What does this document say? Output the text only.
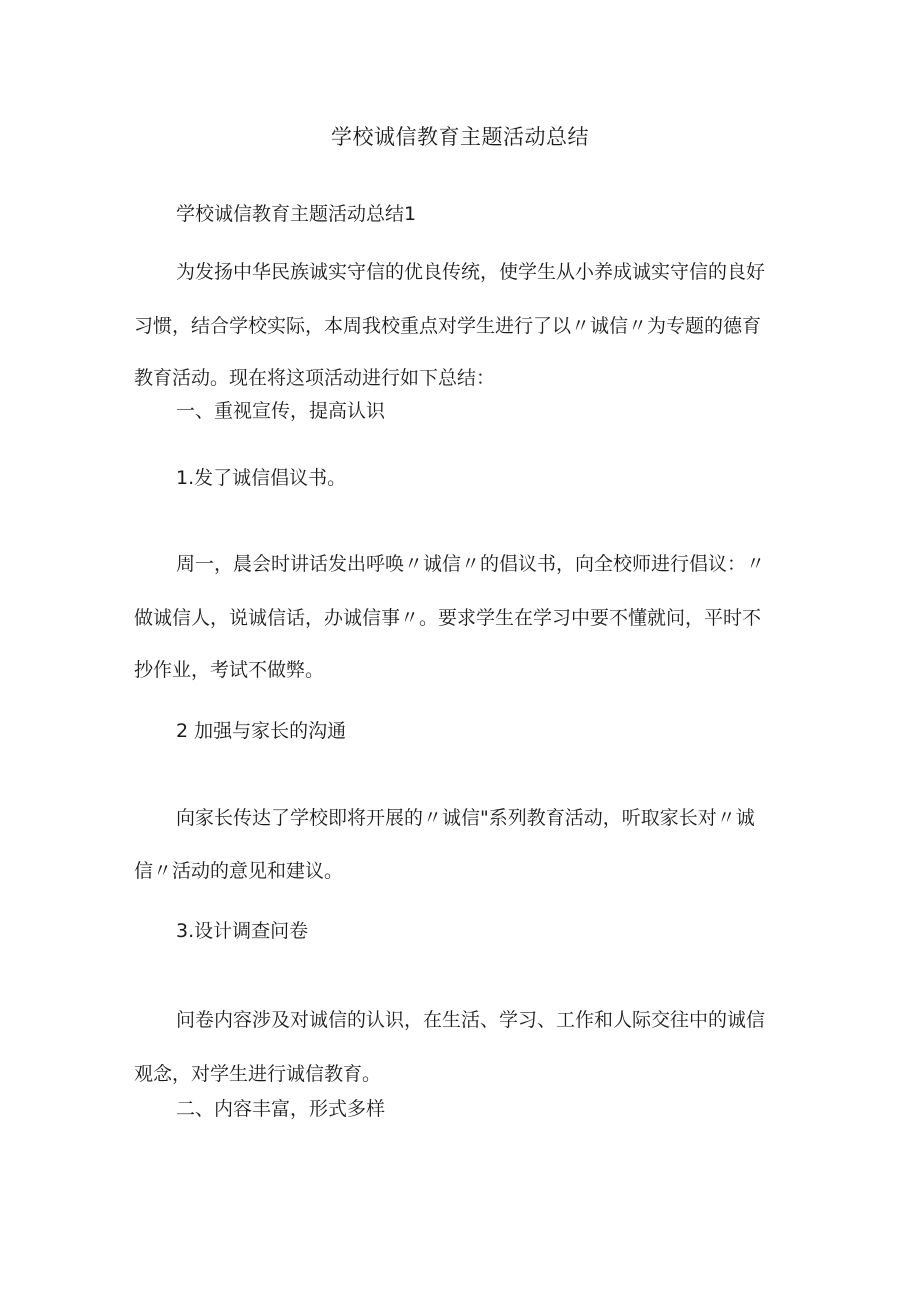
学校诚信教育主题活动总结
学校诚信教育主题活动总结1
为发扬中华民族诚实守信的优良传统，使学生从小养成诚实守信的良好
习惯，结合学校实际，本周我校重点对学生进行了以〃诚信〃为专题的德育
教育活动。现在将这项活动进行如下总结：
一、重视宣传，提高认识
1.发了诚信倡议书。
周一，晨会时讲话发出呼唤〃诚信〃的倡议书，向全校师进行倡议：〃
做诚信人，说诚信话，办诚信事〃。要求学生在学习中要不懂就问，平时不
抄作业，考试不做弊。
2 加强与家长的沟通
向家长传达了学校即将开展的〃诚信"系列教育活动，听取家长对〃诚
信〃活动的意见和建议。
3.设计调查问卷
问卷内容涉及对诚信的认识，在生活、学习、工作和人际交往中的诚信
观念，对学生进行诚信教育。
二、内容丰富，形式多样
